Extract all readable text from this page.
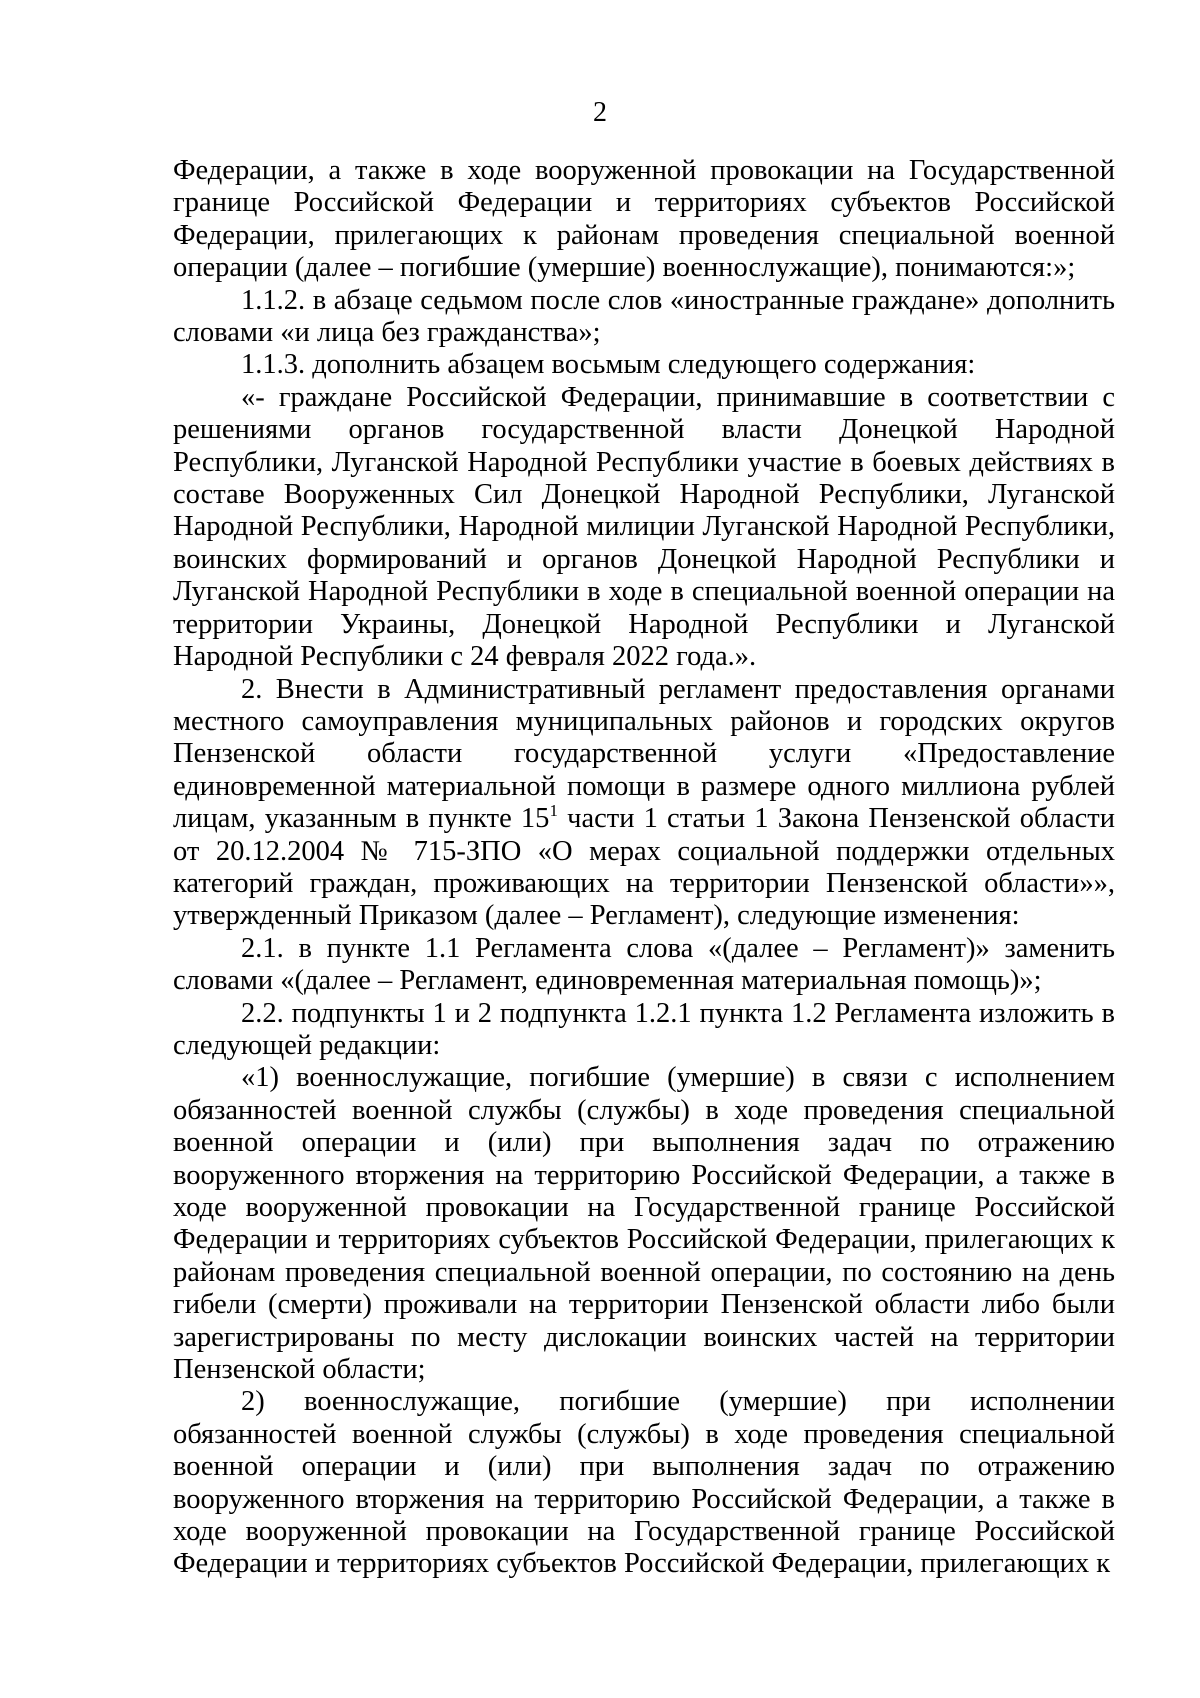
2

Федерации, а также в ходе вооруженной провокации на Государственной границе Российской Федерации и территориях субъектов Российской Федерации, прилегающих к районам проведения специальной военной операции (далее – погибшие (умершие) военнослужащие), понимаются:»;

1.1.2. в абзаце седьмом после слов «иностранные граждане» дополнить словами «и лица без гражданства»;

1.1.3. дополнить абзацем восьмым следующего содержания:

«- граждане Российской Федерации, принимавшие в соответствии с решениями органов государственной власти Донецкой Народной Республики, Луганской Народной Республики участие в боевых действиях в составе Вооруженных Сил Донецкой Народной Республики, Луганской Народной Республики, Народной милиции Луганской Народной Республики, воинских формирований и органов Донецкой Народной Республики и Луганской Народной Республики в ходе в специальной военной операции на территории Украины, Донецкой Народной Республики и Луганской Народной Республики с 24 февраля 2022 года.».

2. Внести в Административный регламент предоставления органами местного самоуправления муниципальных районов и городских округов Пензенской области государственной услуги «Предоставление единовременной материальной помощи в размере одного миллиона рублей лицам, указанным в пункте $15^1$ части 1 статьи 1 Закона Пензенской области от 20.12.2004 № 715-ЗПО «О мерах социальной поддержки отдельных категорий граждан, проживающих на территории Пензенской области»», утвержденный Приказом (далее – Регламент), следующие изменения:

2.1. в пункте 1.1 Регламента слова «(далее – Регламент)» заменить словами «(далее – Регламент, единовременная материальная помощь)»;

2.2. подпункты 1 и 2 подпункта 1.2.1 пункта 1.2 Регламента изложить в следующей редакции:

«1) военнослужащие, погибшие (умершие) в связи с исполнением обязанностей военной службы (службы) в ходе проведения специальной военной операции и (или) при выполнения задач по отражению вооруженного вторжения на территорию Российской Федерации, а также в ходе вооруженной провокации на Государственной границе Российской Федерации и территориях субъектов Российской Федерации, прилегающих к районам проведения специальной военной операции, по состоянию на день гибели (смерти) проживали на территории Пензенской области либо были зарегистрированы по месту дислокации воинских частей на территории Пензенской области;

2) военнослужащие, погибшие (умершие) при исполнении обязанностей военной службы (службы) в ходе проведения специальной военной операции и (или) при выполнения задач по отражению вооруженного вторжения на территорию Российской Федерации, а также в ходе вооруженной провокации на Государственной границе Российской Федерации и территориях субъектов Российской Федерации, прилегающих к
